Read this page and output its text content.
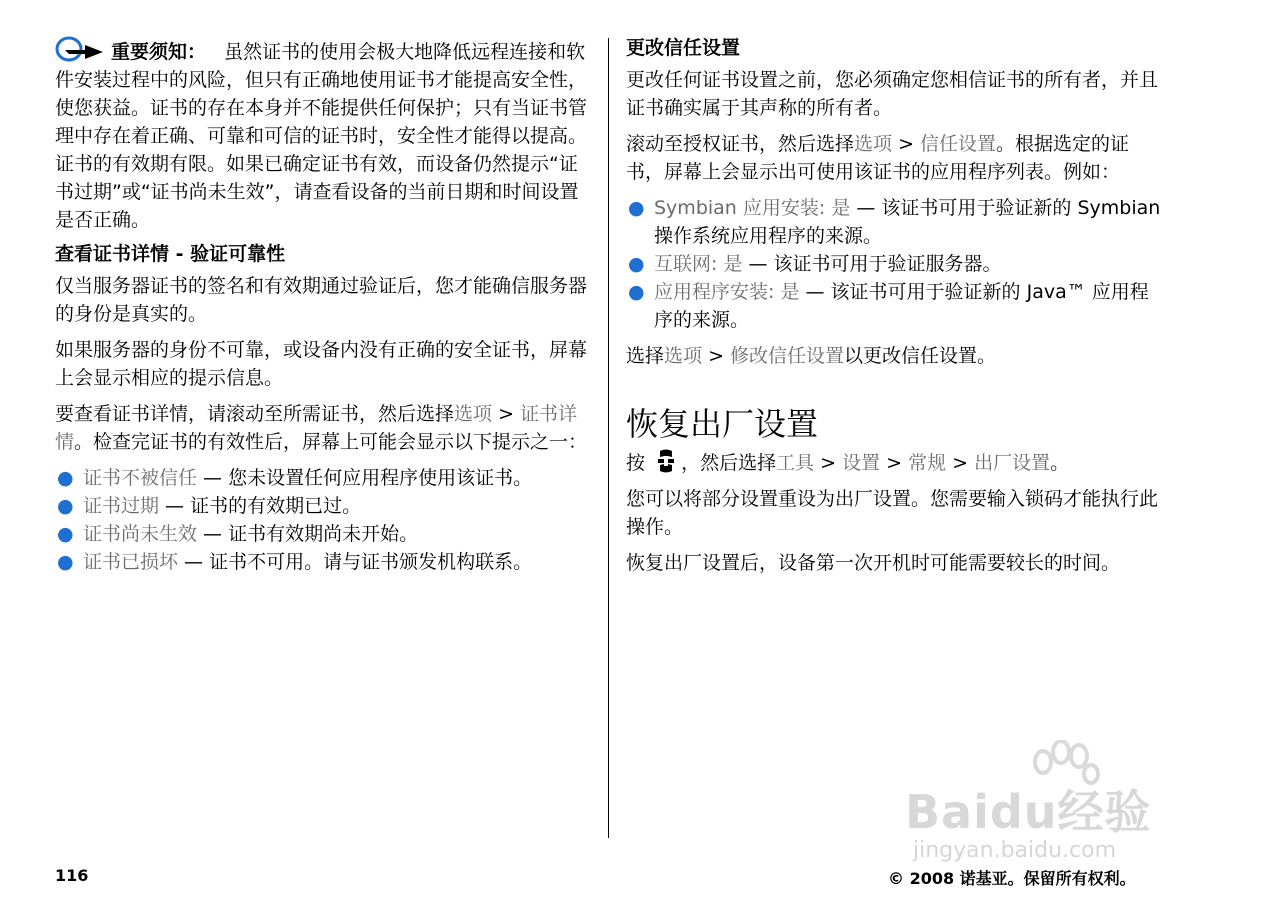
重要须知： 虽然证书的使用会极大地降低远程连接和软件安装过程中的风险，但只有正确地使用证书才能提高安全性，使您获益。证书的存在本身并不能提供任何保护；只有当证书管理中存在着正确、可靠和可信的证书时，安全性才能得以提高。证书的有效期有限。如果已确定证书有效，而设备仍然提示“证书过期”或“证书尚未生效”，请查看设备的当前日期和时间设置是否正确。

查看证书详情 - 验证可靠性

仅当服务器证书的签名和有效期通过验证后，您才能确信服务器的身份是真实的。

如果服务器的身份不可靠，或设备内没有正确的安全证书，屏幕上会显示相应的提示信息。

要查看证书详情，请滚动至所需证书，然后选择选项 > 证书详情。检查完证书的有效性后，屏幕上可能会显示以下提示之一：

● 证书不被信任 — 您未设置任何应用程序使用该证书。
● 证书过期 — 证书的有效期已过。
● 证书尚未生效 — 证书有效期尚未开始。
● 证书已损坏 — 证书不可用。请与证书颁发机构联系。
更改信任设置

更改任何证书设置之前，您必须确定您相信证书的所有者，并且证书确实属于其声称的所有者。

滚动至授权证书，然后选择选项 > 信任设置。根据选定的证书，屏幕上会显示出可使用该证书的应用程序列表。例如：

● Symbian 应用安装: 是 — 该证书可用于验证新的 Symbian 操作系统应用程序的来源。
● 互联网: 是 — 该证书可用于验证服务器。
● 应用程序安装: 是 — 该证书可用于验证新的 Java™ 应用程序的来源。

选择选项 > 修改信任设置以更改信任设置。

恢复出厂设置

按 ，然后选择工具 > 设置 > 常规 > 出厂设置。

您可以将部分设置重设为出厂设置。您需要输入锁码才能执行此操作。

恢复出厂设置后，设备第一次开机时可能需要较长的时间。

Baidu经验
jingyan.baidu.com
116	© 2008 诺基亚。保留所有权利。
